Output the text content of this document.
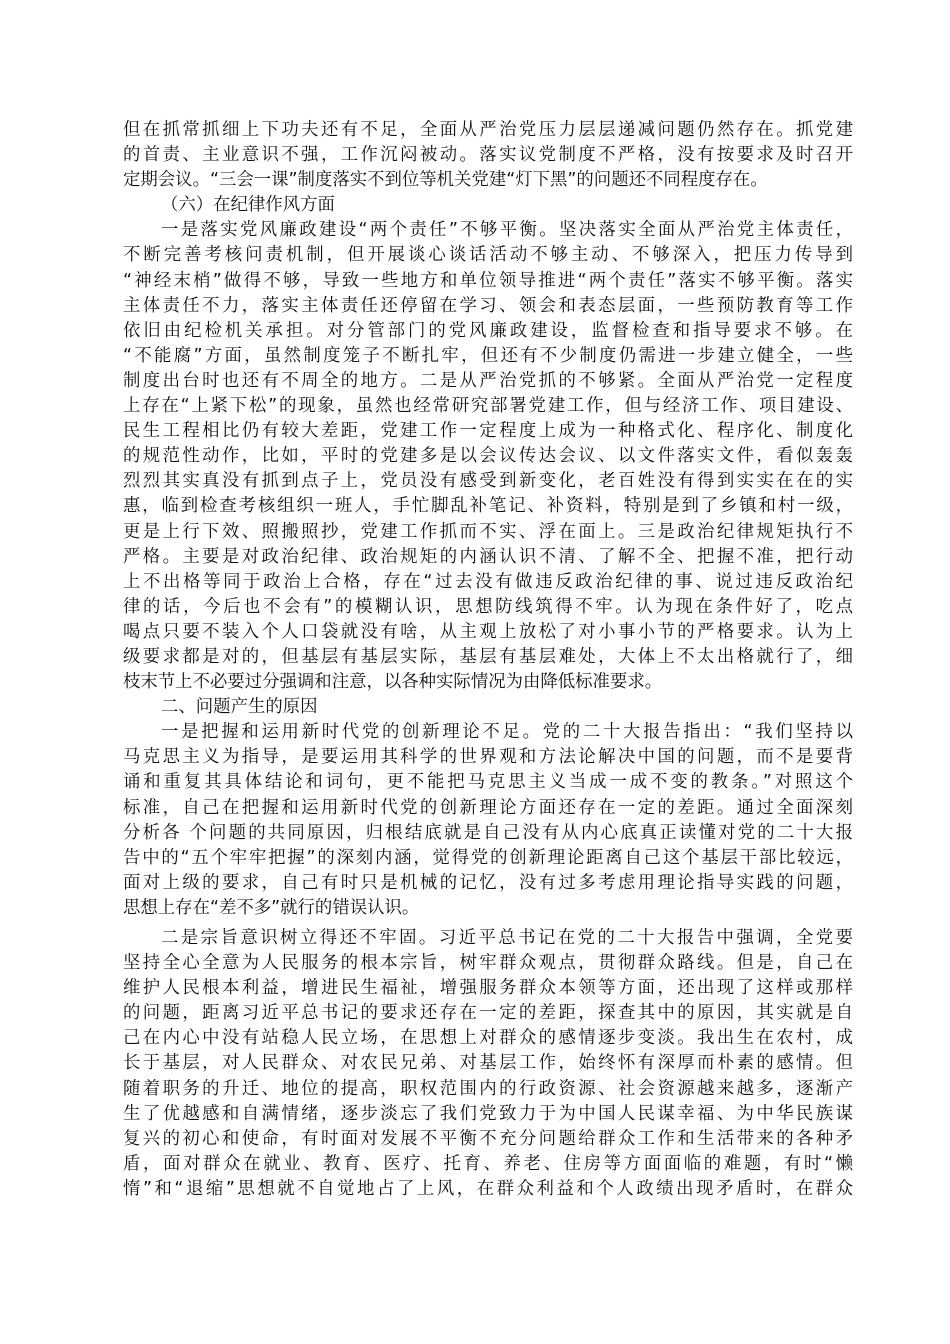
但在抓常抓细上下功夫还有不足，全面从严治党压力层层递减问题仍然存在。抓党建
的首责、主业意识不强，工作沉闷被动。落实议党制度不严格，没有按要求及时召开
定期会议。“三会一课”制度落实不到位等机关党建“灯下黑”的问题还不同程度存在。
（六）在纪律作风方面
一是落实党风廉政建设“两个责任”不够平衡。坚决落实全面从严治党主体责任，
不断完善考核问责机制，但开展谈心谈话活动不够主动、不够深入，把压力传导到
“神经末梢”做得不够，导致一些地方和单位领导推进“两个责任”落实不够平衡。落实
主体责任不力，落实主体责任还停留在学习、领会和表态层面，一些预防教育等工作
依旧由纪检机关承担。对分管部门的党风廉政建设，监督检查和指导要求不够。在
“不能腐”方面，虽然制度笼子不断扎牢，但还有不少制度仍需进一步建立健全，一些
制度出台时也还有不周全的地方。二是从严治党抓的不够紧。全面从严治党一定程度
上存在“上紧下松”的现象，虽然也经常研究部署党建工作，但与经济工作、项目建设、
民生工程相比仍有较大差距，党建工作一定程度上成为一种格式化、程序化、制度化
的规范性动作，比如，平时的党建多是以会议传达会议、以文件落实文件，看似轰轰
烈烈其实真没有抓到点子上，党员没有感受到新变化，老百姓没有得到实实在在的实
惠，临到检查考核组织一班人，手忙脚乱补笔记、补资料，特别是到了乡镇和村一级，
更是上行下效、照搬照抄，党建工作抓而不实、浮在面上。三是政治纪律规矩执行不
严格。主要是对政治纪律、政治规矩的内涵认识不清、了解不全、把握不准，把行动
上不出格等同于政治上合格，存在“过去没有做违反政治纪律的事、说过违反政治纪
律的话，今后也不会有”的模糊认识，思想防线筑得不牢。认为现在条件好了，吃点
喝点只要不装入个人口袋就没有啥，从主观上放松了对小事小节的严格要求。认为上
级要求都是对的，但基层有基层实际，基层有基层难处，大体上不太出格就行了，细
枝末节上不必要过分强调和注意，以各种实际情况为由降低标准要求。
二、问题产生的原因
一是把握和运用新时代党的创新理论不足。党的二十大报告指出：“我们坚持以
马克思主义为指导，是要运用其科学的世界观和方法论解决中国的问题，而不是要背
诵和重复其具体结论和词句，更不能把马克思主义当成一成不变的教条。”对照这个
标准，自己在把握和运用新时代党的创新理论方面还存在一定的差距。通过全面深刻
分析各 个问题的共同原因，归根结底就是自己没有从内心底真正读懂对党的二十大报
告中的“五个牢牢把握”的深刻内涵，觉得党的创新理论距离自己这个基层干部比较远，
面对上级的要求，自己有时只是机械的记忆，没有过多考虑用理论指导实践的问题，
思想上存在“差不多”就行的错误认识。
二是宗旨意识树立得还不牢固。习近平总书记在党的二十大报告中强调，全党要
坚持全心全意为人民服务的根本宗旨，树牢群众观点，贯彻群众路线。但是，自己在
维护人民根本利益，增进民生福祉，增强服务群众本领等方面，还出现了这样或那样
的问题，距离习近平总书记的要求还存在一定的差距，探查其中的原因，其实就是自
己在内心中没有站稳人民立场，在思想上对群众的感情逐步变淡。我出生在农村，成
长于基层，对人民群众、对农民兄弟、对基层工作，始终怀有深厚而朴素的感情。但
随着职务的升迁、地位的提高，职权范围内的行政资源、社会资源越来越多，逐渐产
生了优越感和自满情绪，逐步淡忘了我们党致力于为中国人民谋幸福、为中华民族谋
复兴的初心和使命，有时面对发展不平衡不充分问题给群众工作和生活带来的各种矛
盾，面对群众在就业、教育、医疗、托育、养老、住房等方面面临的难题，有时“懒
惰”和“退缩”思想就不自觉地占了上风，在群众利益和个人政绩出现矛盾时，在群众
